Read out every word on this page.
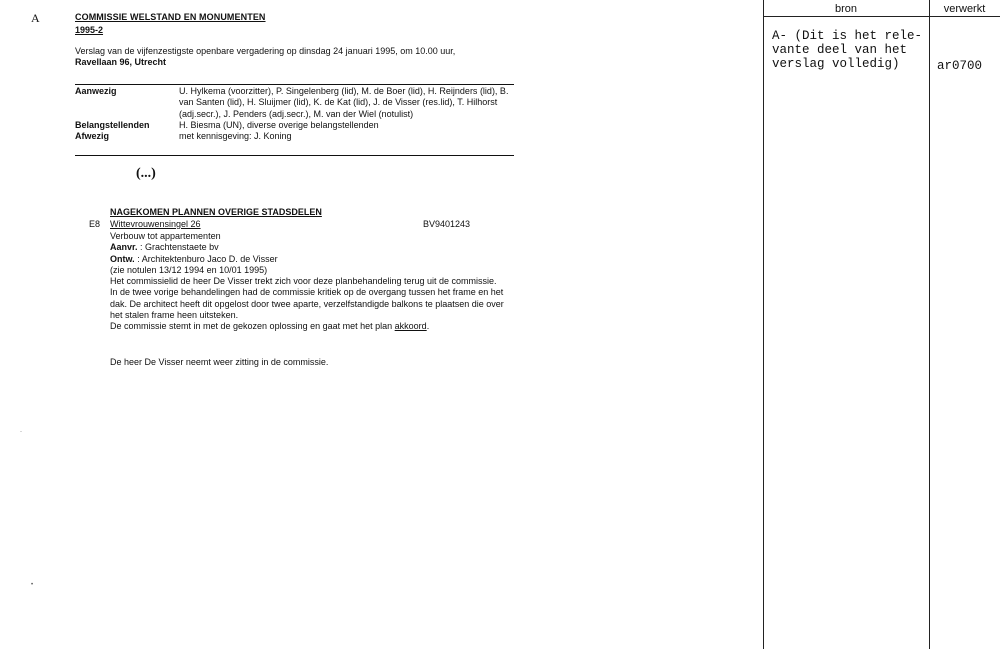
A	COMMISSIE WELSTAND EN MONUMENTEN
1995-2
Verslag van de vijfenzestigste openbare vergadering op dinsdag 24 januari 1995, om 10.00 uur,
Ravellaan 96, Utrecht
Aanwezig	U. Hylkema (voorzitter), P. Singelenberg (lid), M. de Boer (lid), H. Reijnders (lid), B. van Santen (lid), H. Sluijmer (lid), K. de Kat (lid), J. de Visser (res.lid), T. Hilhorst (adj.secr.), J. Penders (adj.secr.), M. van der Wiel (notulist)
Belangstellenden	H. Biesma (UN), diverse overige belangstellenden
Afwezig	met kennisgeving: J. Koning
(...)
NAGEKOMEN PLANNEN OVERIGE STADSDELEN
E8 Wittevrouwensingel 26	BV9401243
Verbouw tot appartementen
Aanvr. : Grachtenstaete bv
Ontw. : Architektenburo Jaco D. de Visser
(zie notulen 13/12 1994 en 10/01 1995)
Het commissielid de heer De Visser trekt zich voor deze planbehandeling terug uit de commissie.
In de twee vorige behandelingen had de commissie kritiek op de overgang tussen het frame en het dak. De architect heeft dit opgelost door twee aparte, verzelfstandigde balkons te plaatsen die over het stalen frame heen uitsteken.
De commissie stemt in met de gekozen oplossing en gaat met het plan akkoord.
De heer De Visser neemt weer zitting in de commissie.
-
•
bron	verwerkt
A- (Dit is het rele-
vante deel van het
verslag volledig)	ar0700
